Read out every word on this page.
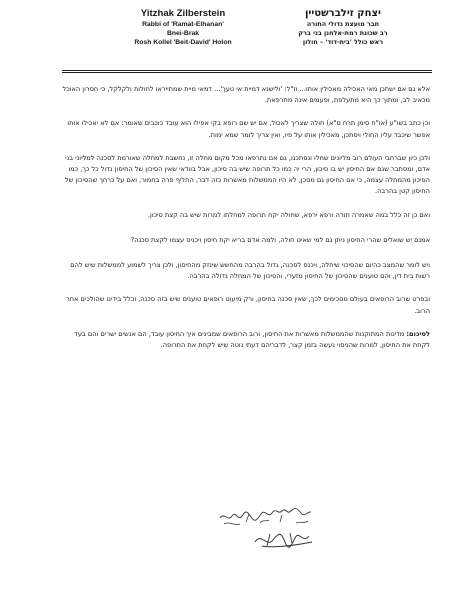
Yitzhak Zilberstein
Rabbi of 'Ramat-Elhanan'
Bnei-Brak
Rosh Kollel 'Beit-David' Holon
יצחק זילברשטיין
חבר מועצת גדולי התורה
רב שכונת רמת-אלחנן בני ברק
ראש כולל 'בית-דוד' – חולון

אלא גם אם ישתכן מאי האכילה מאכילין אותו... וז"ל: 'ולישנא דמיית אי טעך'... דמאי מיית שמתייראו לחולות ולקלקל, כי חסרון האוכל מכאיב לב, ומתוך כך היא מתעלפת, ופעמים אינה מתרפאת.

וכן כתב בשו"ע (או"ח סימן תרח ס"א) חולה שצריך לאכול, אם יש שם רופא בקי אפילו הוא עובד כוכבים שאומר: אם לא יאכילו אותו אפשר שיכבד עליו החולי ויסתכן, מאכילין אותו על פיו, ואין צריך לומר שמא ימות.

ולכן כיון שברחבי העולם רוב מליונים שחלו ונסתכנו, גם אם נתרפאו מכל מקום מחלה זו, נחשבת למחלה שאורמת לסכנה למליוני בני אדם, ומסתבר שגם אם החיסון יש בו סיכון, הרי יה כמו כל תרופה שיש בה סיכון, אבל בוודאי שאין הסיכון של החיסון גדול כל כך, כמו הסיכון מהמחלה עצמה, כי אם החיסון גם מסכן, לא היו הממשלות מאשרות כזה דבר, החליף פרה בחמור, ואם על כרחך שהסיכון של החיסון קטן בהרבה.

ואם כן זה כלל במה שאמרה תורה ורפא ירפא, שחולה יקח תרופה למחלתו למרות שיש בה קצת סיכון.

אמנם יש שואלים שהרי החיסון ניתן גם למי שאינו חולה, ולמה אדם בריא יקח חיסון ויכניס עצמו לקצת סכנה?

ויש לומר שהמצב כהיום שהסיכוי שיחלה, ויכנס לסכנה, גדול בהרבה מהחשש שינזק מהחיסון, ולכן צריך לשמוע לממשלות שיש להם רשות בית דין, והם טוענים שהסיכון של החיסון מזערי, והסיכון של המחלה גדולה בהרבה.

ובפרט שרוב הרופאים בעולם מסכימים לכך, שאין סכנה בחיסון, ורק מיעוט רופאים טוענים שיש בזה סכנה, וכלל בידינו שהולכים אחר הרוב.

לסיכום: מדינות המתוקנות שהממשלות מאשרות את החיסון, ורוב הרופאים שמבינים איך החיסון עובד, הם אנשים ישרים והם בעד לקחת את החיסון, למרות שהניסוי נעשה בזמן קצר, לדבריהם דעתי נוטה שיש לקחת את התרופה.
